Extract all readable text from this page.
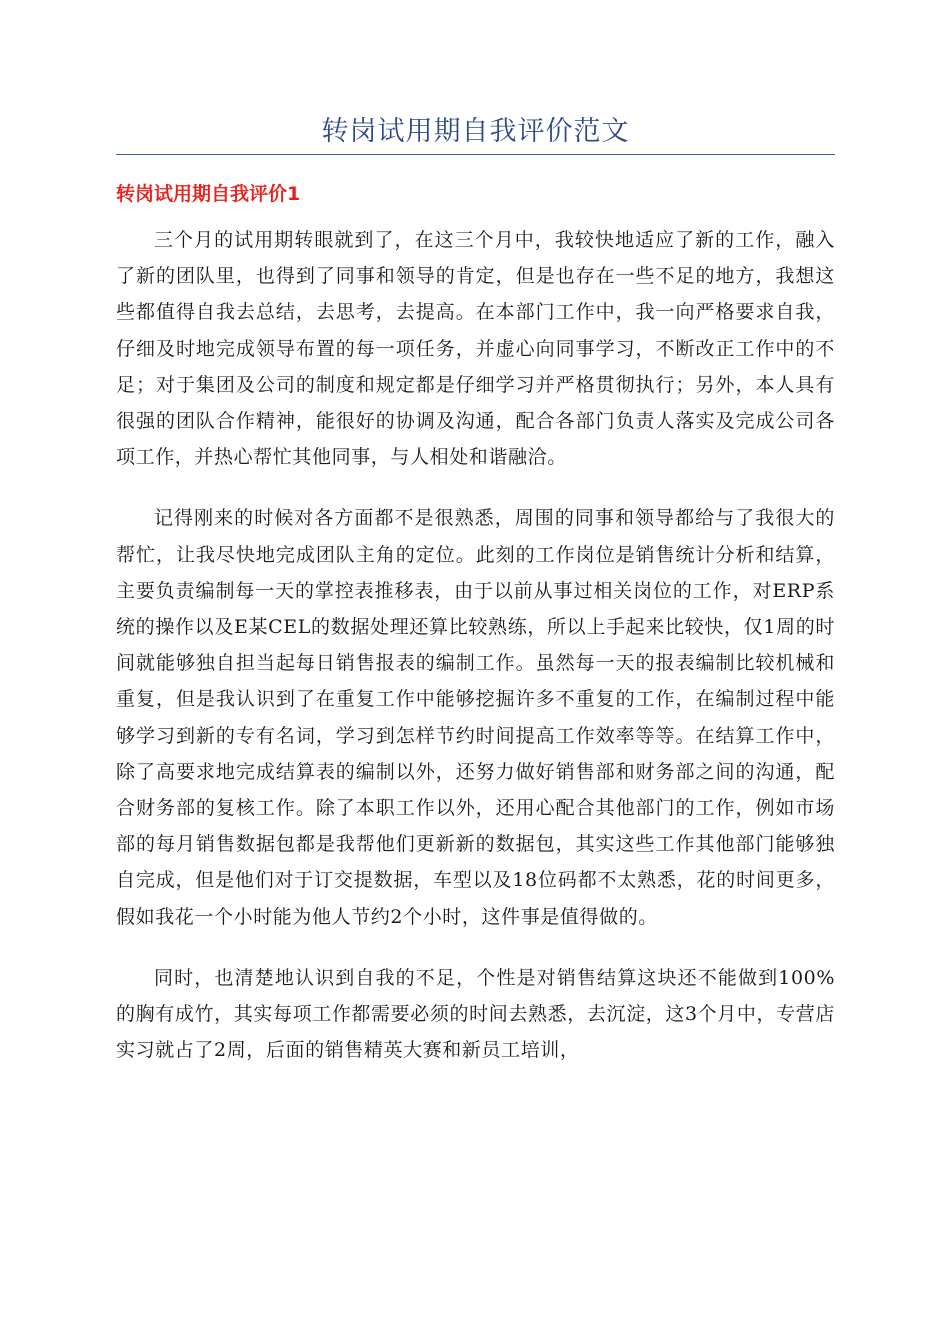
转岗试用期自我评价范文
转岗试用期自我评价1

三个月的试用期转眼就到了，在这三个月中，我较快地适应了新的工作，融入了新的团队里，也得到了同事和领导的肯定，但是也存在一些不足的地方，我想这些都值得自我去总结，去思考，去提高。在本部门工作中，我一向严格要求自我，仔细及时地完成领导布置的每一项任务，并虚心向同事学习，不断改正工作中的不足；对于集团及公司的制度和规定都是仔细学习并严格贯彻执行；另外，本人具有很强的团队合作精神，能很好的协调及沟通，配合各部门负责人落实及完成公司各项工作，并热心帮忙其他同事，与人相处和谐融洽。

记得刚来的时候对各方面都不是很熟悉，周围的同事和领导都给与了我很大的帮忙，让我尽快地完成团队主角的定位。此刻的工作岗位是销售统计分析和结算，主要负责编制每一天的掌控表推移表，由于以前从事过相关岗位的工作，对ERP系统的操作以及E某CEL的数据处理还算比较熟练，所以上手起来比较快，仅1周的时间就能够独自担当起每日销售报表的编制工作。虽然每一天的报表编制比较机械和重复，但是我认识到了在重复工作中能够挖掘许多不重复的工作，在编制过程中能够学习到新的专有名词，学习到怎样节约时间提高工作效率等等。在结算工作中，除了高要求地完成结算表的编制以外，还努力做好销售部和财务部之间的沟通，配合财务部的复核工作。除了本职工作以外，还用心配合其他部门的工作，例如市场部的每月销售数据包都是我帮他们更新新的数据包，其实这些工作其他部门能够独自完成，但是他们对于订交提数据，车型以及18位码都不太熟悉，花的时间更多，假如我花一个小时能为他人节约2个小时，这件事是值得做的。

同时，也清楚地认识到自我的不足，个性是对销售结算这块还不能做到100%的胸有成竹，其实每项工作都需要必须的时间去熟悉，去沉淀，这3个月中，专营店实习就占了2周，后面的销售精英大赛和新员工培训，
